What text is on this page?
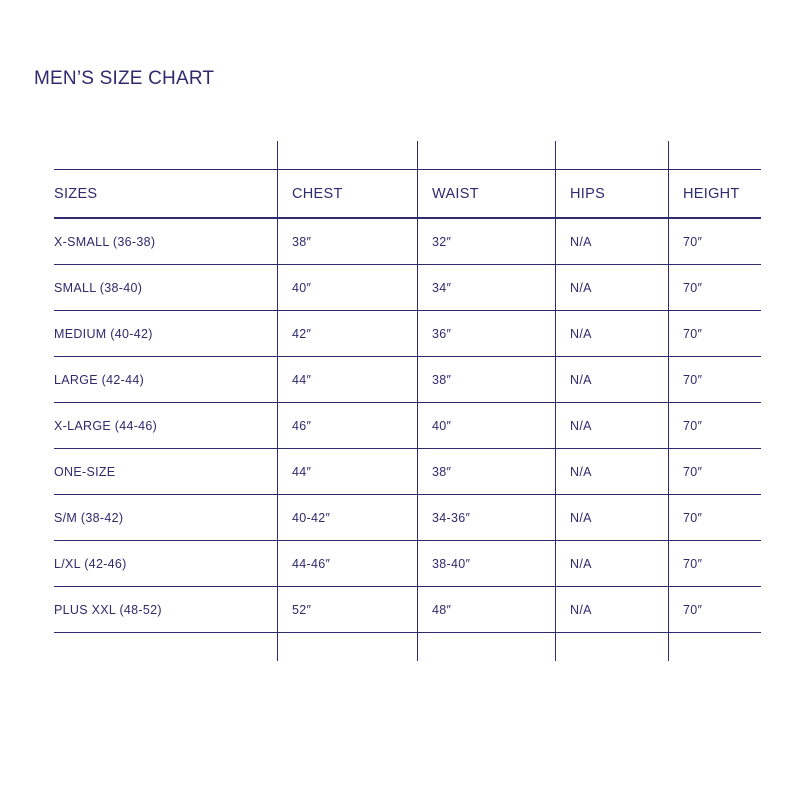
MEN’S SIZE CHART
SIZES	CHEST	WAIST	HIPS	HEIGHT
X-SMALL (36-38)	38″	32″	N/A	70″
SMALL (38-40)	40″	34″	N/A	70″
MEDIUM (40-42)	42″	36″	N/A	70″
LARGE (42-44)	44″	38″	N/A	70″
X-LARGE (44-46)	46″	40″	N/A	70″
ONE-SIZE	44″	38″	N/A	70″
S/M (38-42)	40-42″	34-36″	N/A	70″
L/XL (42-46)	44-46″	38-40″	N/A	70″
PLUS XXL (48-52)	52″	48″	N/A	70″
